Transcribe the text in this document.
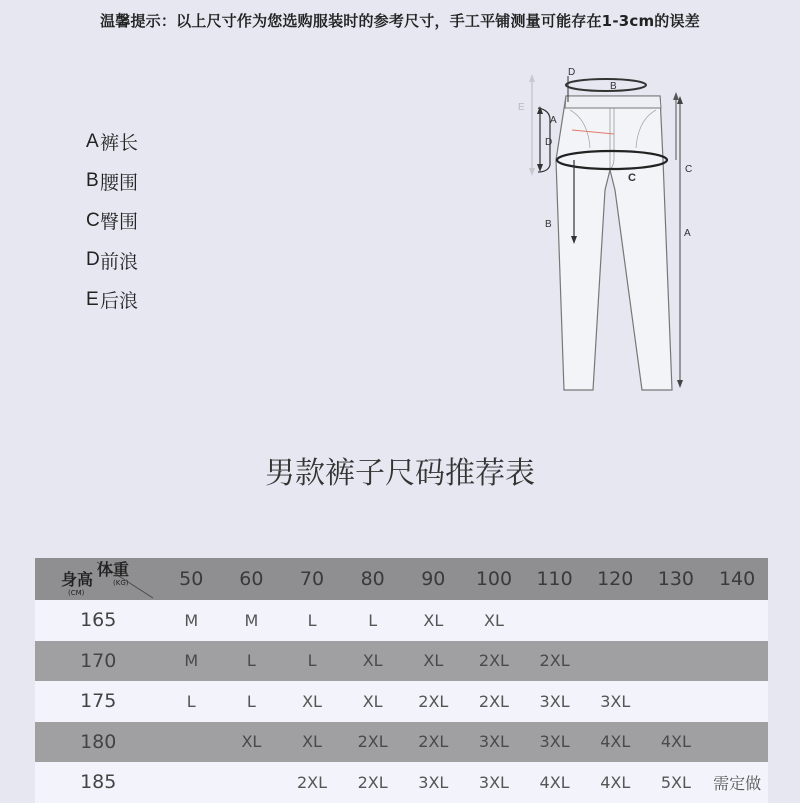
温馨提示：以上尺寸作为您选购服装时的参考尺寸，手工平铺测量可能存在1-3cm的误差
A 裤长
B 腰围
C 臀围
D 前浪
E 后浪
B
D
E
A
D
C
B
C
A
男款裤子尺码推荐表
体重
(KG)
身高
(CM)	50	60	70	80	90	100	110	120	130	140
165	M	M	L	L	XL	XL				
170	M	L	L	XL	XL	2XL	2XL			
175	L	L	XL	XL	2XL	2XL	3XL	3XL		
180		XL	XL	2XL	2XL	3XL	3XL	4XL	4XL	
185			2XL	2XL	3XL	3XL	4XL	4XL	5XL	需定做
